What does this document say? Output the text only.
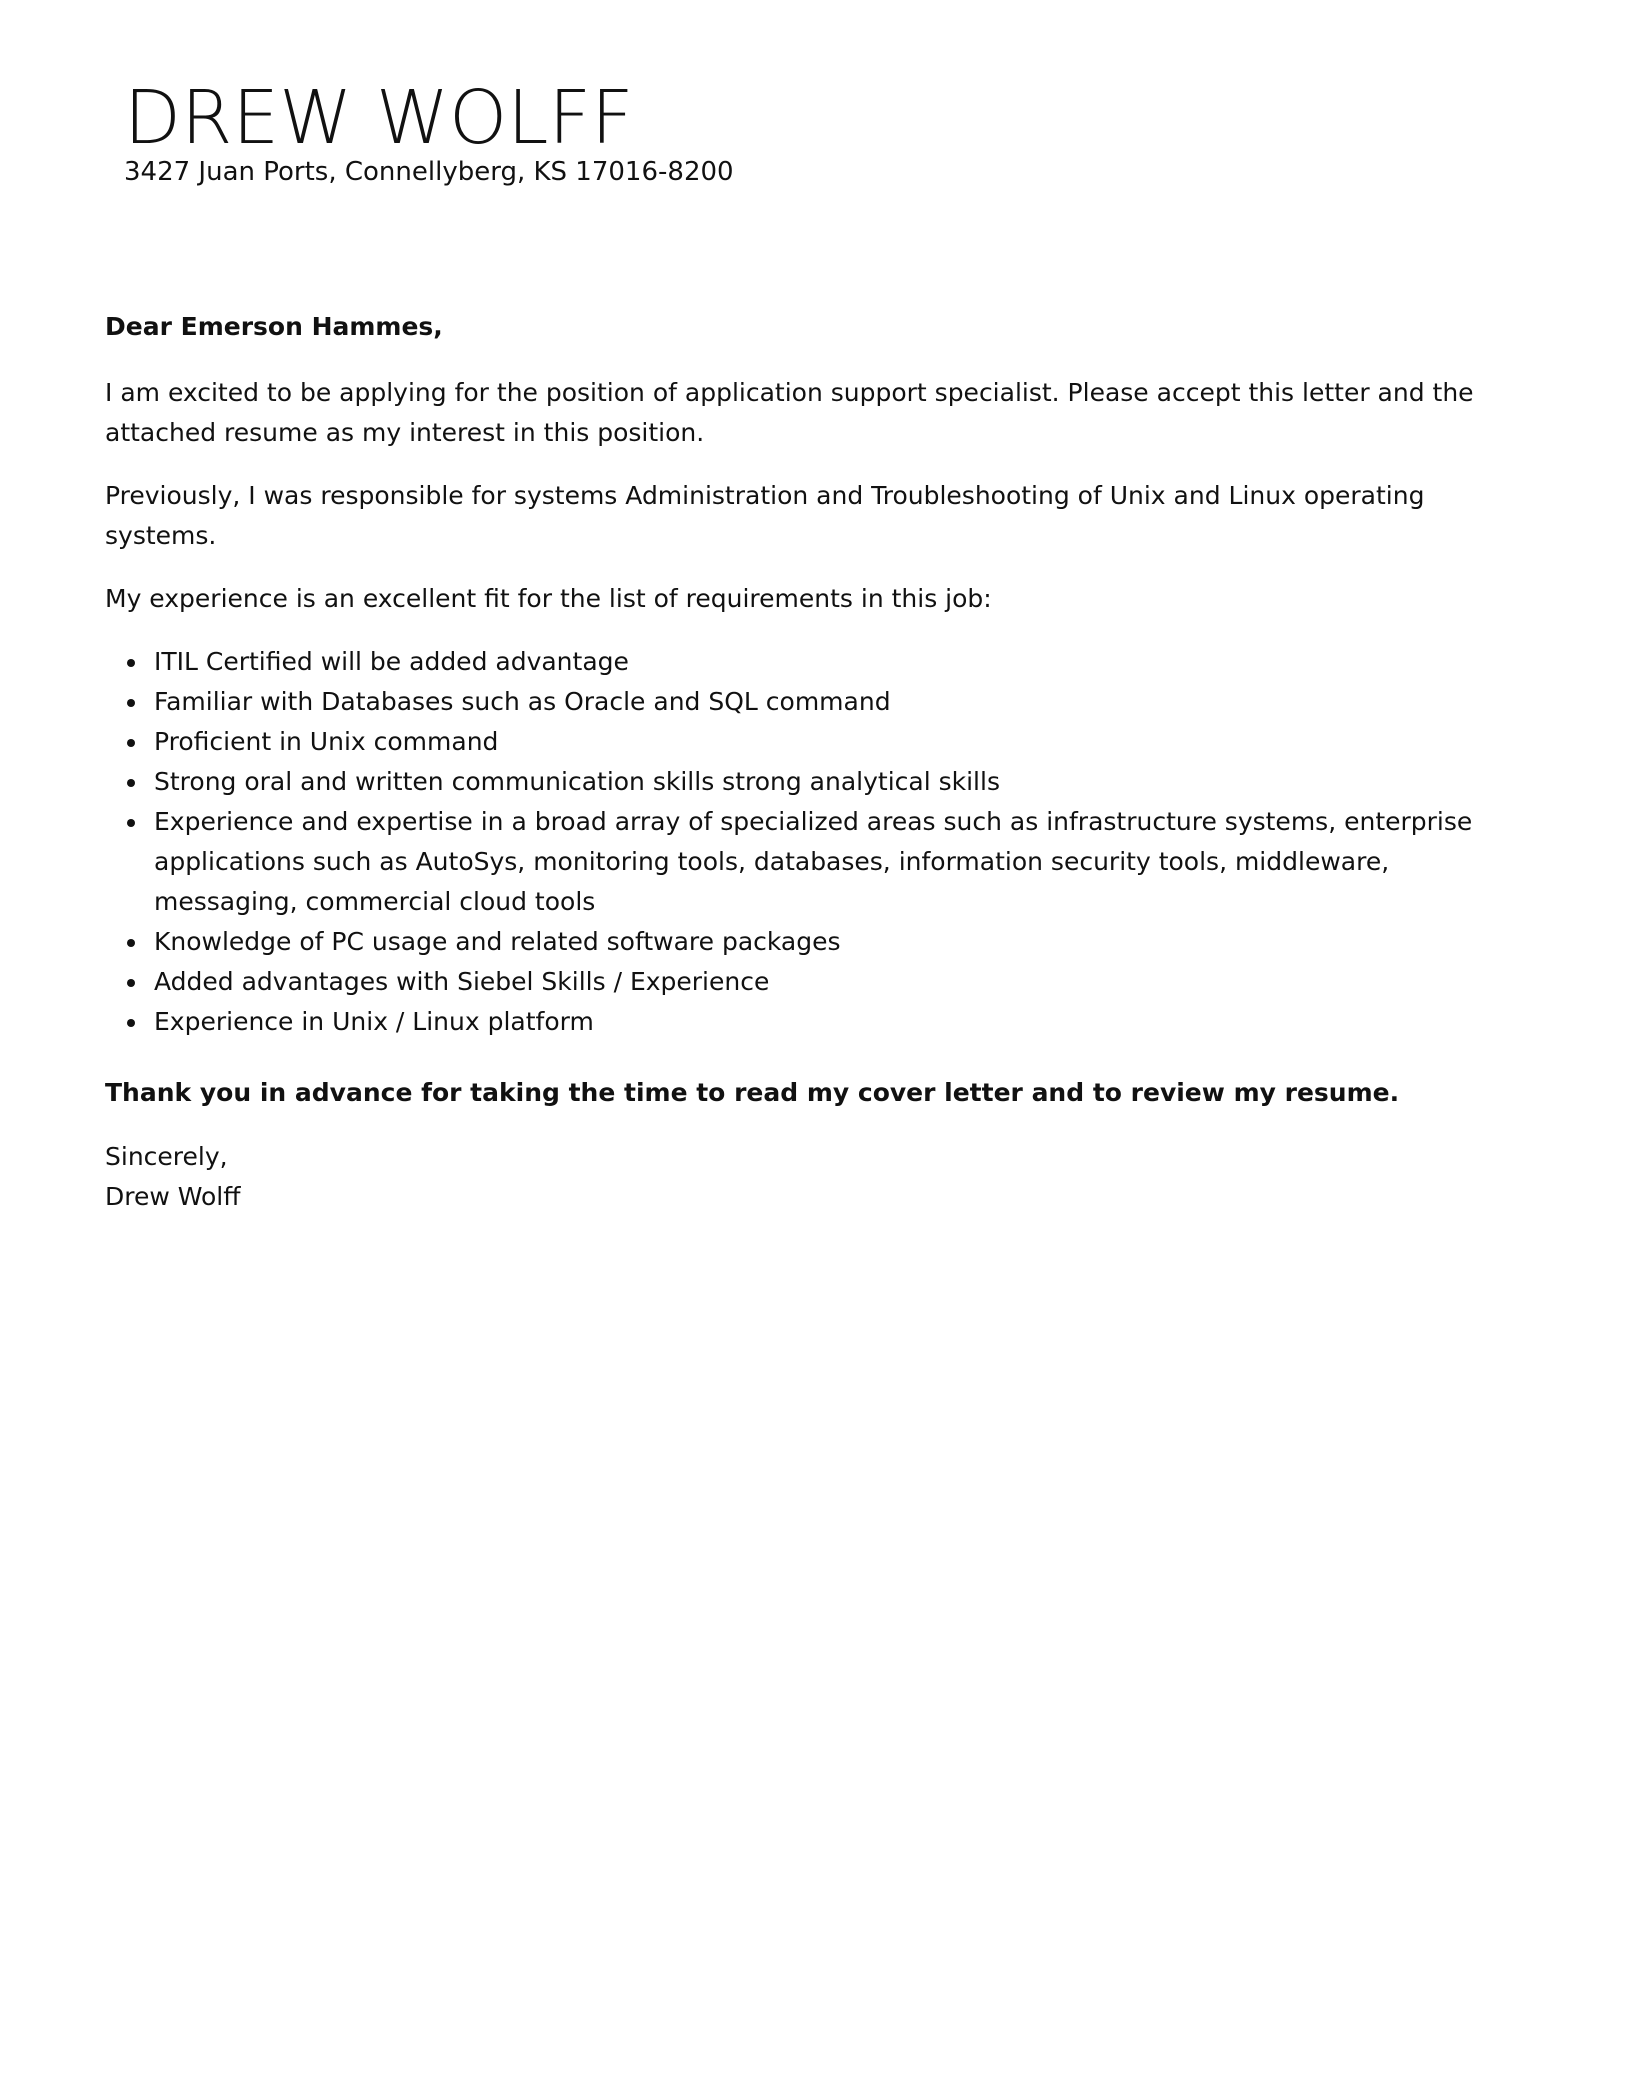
DREW WOLFF
3427 Juan Ports, Connellyberg, KS 17016-8200

Dear Emerson Hammes,

I am excited to be applying for the position of application support specialist. Please accept this letter and the attached resume as my interest in this position.

Previously, I was responsible for systems Administration and Troubleshooting of Unix and Linux operating systems.

My experience is an excellent fit for the list of requirements in this job:

ITIL Certified will be added advantage
Familiar with Databases such as Oracle and SQL command
Proficient in Unix command
Strong oral and written communication skills strong analytical skills
Experience and expertise in a broad array of specialized areas such as infrastructure systems, enterprise applications such as AutoSys, monitoring tools, databases, information security tools, middleware, messaging, commercial cloud tools
Knowledge of PC usage and related software packages
Added advantages with Siebel Skills / Experience
Experience in Unix / Linux platform

Thank you in advance for taking the time to read my cover letter and to review my resume.

Sincerely,
Drew Wolff
